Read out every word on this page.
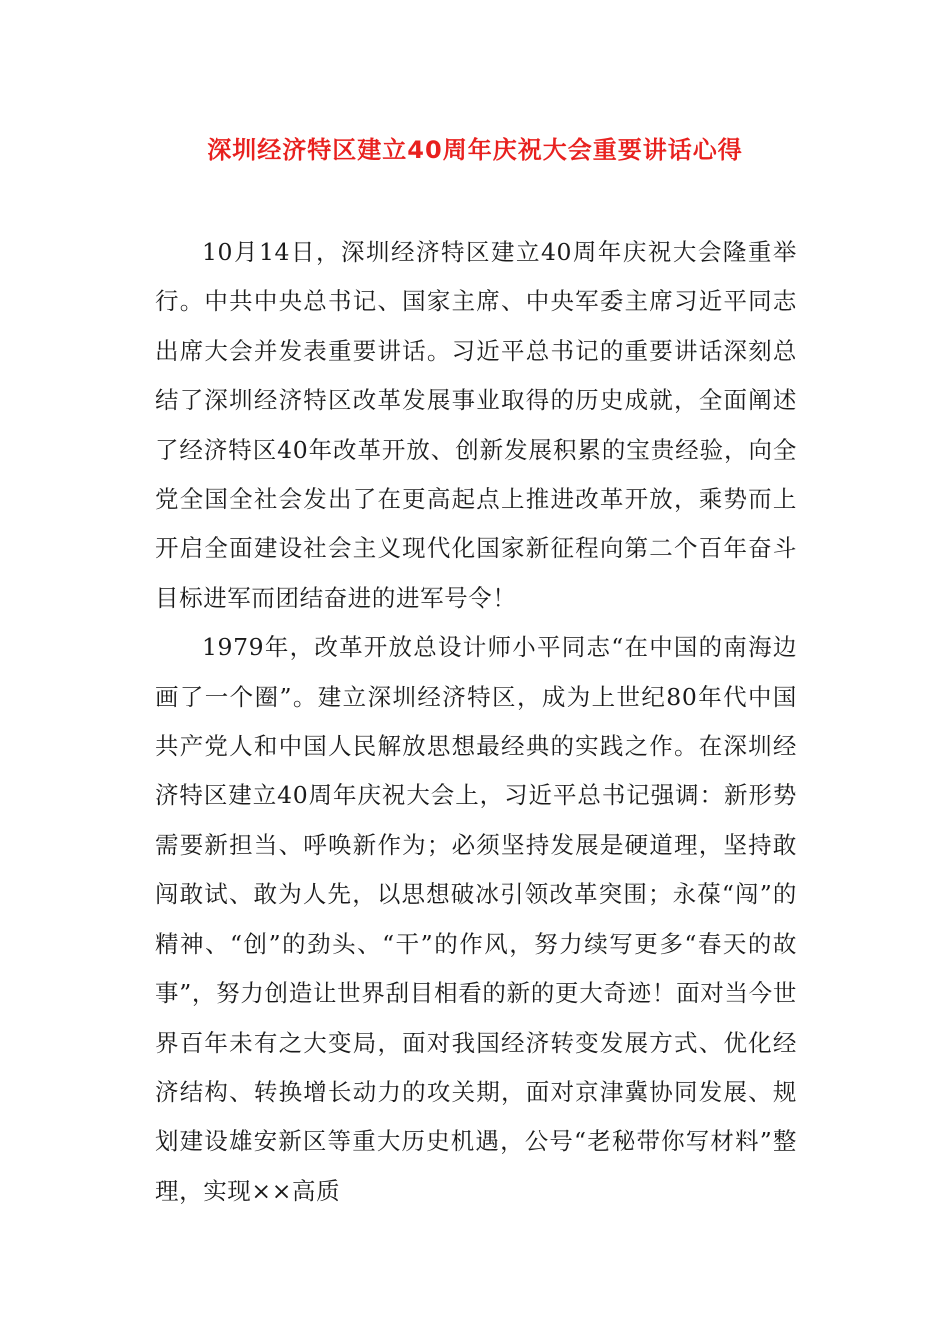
深圳经济特区建立40周年庆祝大会重要讲话心得

10月14日，深圳经济特区建立40周年庆祝大会隆重举行。中共中央总书记、国家主席、中央军委主席习近平同志出席大会并发表重要讲话。习近平总书记的重要讲话深刻总结了深圳经济特区改革发展事业取得的历史成就，全面阐述了经济特区40年改革开放、创新发展积累的宝贵经验，向全党全国全社会发出了在更高起点上推进改革开放，乘势而上开启全面建设社会主义现代化国家新征程向第二个百年奋斗目标进军而团结奋进的进军号令！

1979年，改革开放总设计师小平同志“在中国的南海边画了一个圈”。建立深圳经济特区，成为上世纪80年代中国共产党人和中国人民解放思想最经典的实践之作。在深圳经济特区建立40周年庆祝大会上，习近平总书记强调：新形势需要新担当、呼唤新作为；必须坚持发展是硬道理，坚持敢闯敢试、敢为人先，以思想破冰引领改革突围；永葆“闯”的精神、“创”的劲头、“干”的作风，努力续写更多“春天的故事”，努力创造让世界刮目相看的新的更大奇迹！面对当今世界百年未有之大变局，面对我国经济转变发展方式、优化经济结构、转换增长动力的攻关期，面对京津冀协同发展、规划建设雄安新区等重大历史机遇，公号“老秘带你写材料”整理，实现××高质
